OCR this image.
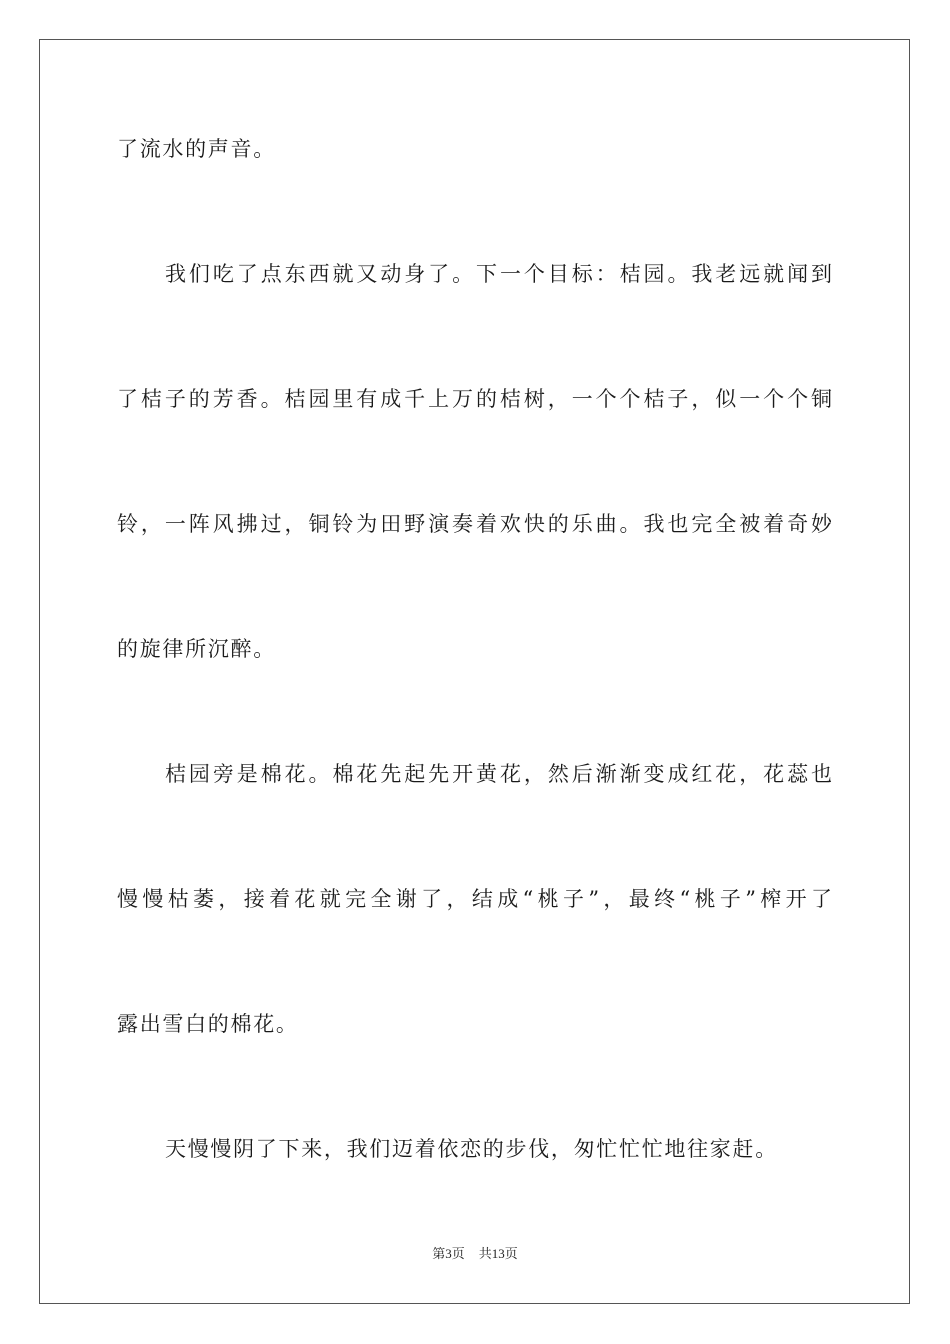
了流水的声音。
我们吃了点东西就又动身了。下一个目标：桔园。我老远就闻到
了桔子的芳香。桔园里有成千上万的桔树，一个个桔子，似一个个铜
铃，一阵风拂过，铜铃为田野演奏着欢快的乐曲。我也完全被着奇妙
的旋律所沉醉。
桔园旁是棉花。棉花先起先开黄花，然后渐渐变成红花，花蕊也
慢慢枯萎，接着花就完全谢了，结成“桃子”，最终“桃子”榨开了
露出雪白的棉花。
天慢慢阴了下来，我们迈着依恋的步伐，匆忙忙忙地往家赶。
第3页 共13页
